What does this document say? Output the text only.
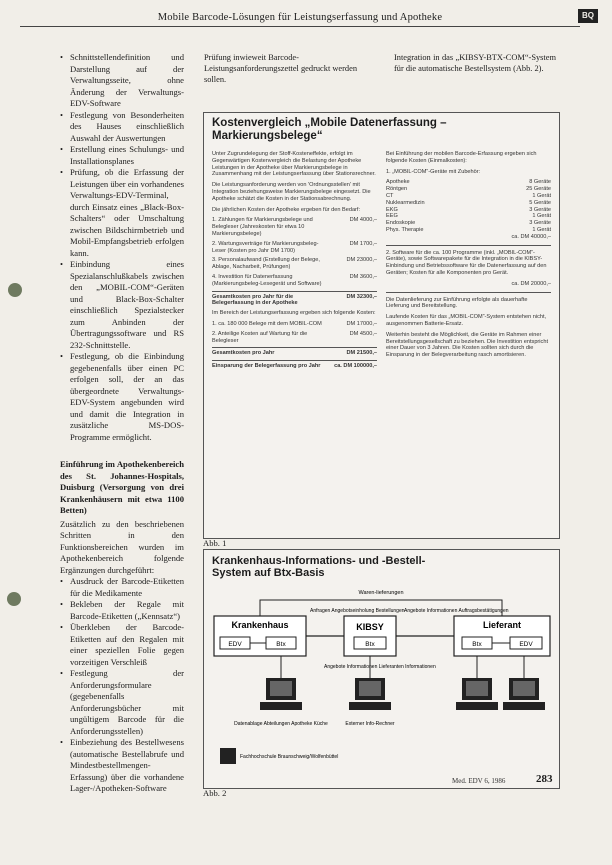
Mobile Barcode-Lösungen für Leistungserfassung und Apotheke	BQ
• Schnittstellendefinition und Darstellung auf der Verwaltungsseite, ohne Änderung der Verwaltungs-EDV-Software
• Festlegung von Besonderheiten des Hauses einschließlich Auswahl der Auswertungen
• Erstellung eines Schulungs- und Installationsplanes
• Prüfung, ob die Erfassung der Leistungen über ein vorhandenes Verwaltungs-EDV-Terminal, durch Einsatz eines „Black-Box-Schalters“ oder Umschaltung zwischen Bildschirmbetrieb und Mobil-Empfangsbetrieb erfolgen kann.
• Einbindung eines Spezialanschlußkabels zwischen den „MOBIL-COM“-Geräten und Black-Box-Schalter einschließlich Spezialstecker zum Anbinden der Übertragungssoftware und RS 232-Schnittstelle.
• Festlegung, ob die Einbindung gegebenenfalls über einen PC erfolgen soll, der an das übergeordnete Verwaltungs-EDV-System angebunden wird und damit die Integration in zusätzliche MS-DOS-Programme ermöglicht.

Einführung im Apothekenbereich des St. Johannes-Hospitals, Duisburg (Versorgung von drei Krankenhäusern mit etwa 1100 Betten)

Zusätzlich zu den beschriebenen Schritten in den Funktionsbereichen wurden im Apothekenbereich folgende Ergänzungen durchgeführt:

• Ausdruck der Barcode-Etiketten für die Medikamente
• Bekleben der Regale mit Barcode-Etiketten („Kennsatz“)
• Überkleben der Barcode-Etiketten auf den Regalen mit einer speziellen Folie gegen vorzeitigen Verschleiß
• Festlegung der Anforderungsformulare (gegebenenfalls Anforderungsbücher mit ungültigem Barcode für die Anforderungsstellen)
• Einbeziehung des Bestellwesens (automatische Bestellabrufe und Mindestbestellmengen-Erfassung) über die vorhandene Lager-/Apotheken-Software
Prüfung inwieweit Barcode-Leistungsanforderungszettel gedruckt werden sollen.
Integration in das „KIBSY-BTX-COM“-System für die automatische Bestellsystem (Abb. 2).
Kostenvergleich „Mobile Datenerfassung – Markierungsbelege“

Unter Zugrundelegung der Stoff-Kosteneffekte, erfolgt im Gegenwärtigen Kostenvergleich die Belastung der Apotheke Leistungen in der Apotheke über Markierungsbelege in Zusammenhang mit der Leistungserfassung über Stationsrechner.

Die Leistungsanforderung werden von 'Ordnungsstellen' mit Integration beziehungsweise Markierungsbelege eingesetzt. Die Apotheke schätzt die Kosten in der Stationsabrechnung.

Die jährlichen Kosten der Apotheke ergeben für den Bedarf:

1. Zählungen für Markierungsbelege und Belegleser (Jahreskosten für etwa 10 Markierungsbelege)
DM 4000,–
2. Wartungsverträge für Markierungsbeleg-Leser (Kosten pro Jahr DM 1700)
DM 1700,–
3. Personalaufwand (Erstellung der Belege, Ablage, Nacharbeit, Prüfungen)
DM 23000,–
4. Investition für Datenerfassung (Markierungsbeleg-Lesegerät und Software)
DM 3600,–
Gesamtkosten pro Jahr für die Belegerfassung in der Apotheke
DM 32300,–

Im Bereich der Leistungserfassung ergeben sich folgende Kosten:

1. ca. 180 000 Belege mit dem MOBIL-COM	DM 17000,–
2. Anteilige Kosten auf Wartung für die Belegleser
DM 4500,–
Gesamtkosten pro Jahr	DM 21500,–
Einsparung der Belegerfassung pro Jahr ca. DM 100000,–

Bei Einführung der mobilen Barcode-Erfassung ergeben sich folgende Kosten (Einmalkosten):

1. „MOBIL-COM“-Geräte mit Zubehör:

Apotheke	8 Geräte
Röntgen	25 Geräte
CT	1 Gerät
Nuklearmedizin	5 Geräte
EKG	3 Geräte
EEG	1 Gerät
Endoskopie	3 Geräte
Phys. Therapie	1 Gerät
ca. DM 40000,–

2. Software für die ca. 100 Programme (inkl. „MOBIL-COM“-Geräte), sowie Softwarepakete für die Integration in die KIBSY-Einbindung und Betriebssoftware für die Datenerfassung auf den Geräten; Kosten für alle Komponenten pro Gerät.

ca. DM 20000,–

Die Datenlieferung zur Einführung erfolgte als dauerhafte Lieferung und Bereitstellung.

Laufende Kosten für das „MOBIL-COM“-System entstehen nicht, ausgenommen Batterie-Ersatz.

Weiterhin besteht die Möglichkeit, die Geräte im Rahmen einer Bereitstellungsgesellschaft zu beziehen. Die Investition entspricht einer Dauer von 3 Jahren. Die Kosten sollten sich durch die Einsparung in der Belegverarbeitung rasch amortisieren.

Abb. 1
Krankenhaus-Informations- und -Bestell-System auf Btx-Basis
Krankenhaus
EDV	Btx
KIBSY
Btx
Lieferant
Btx	EDV
Waren-lieferungen
Anfragen Angebotseinholung Bestellungen Angebote Informationen Auftragsbestätigungen
Angebote Informationen Lieferanten Informationen
Datenablage Abteilungen Apotheke Küche	Externer Info-Rechner
Fachhochschule Braunschweig/Wolfenbüttel
Abb. 2
Med. EDV 6, 1986	283
